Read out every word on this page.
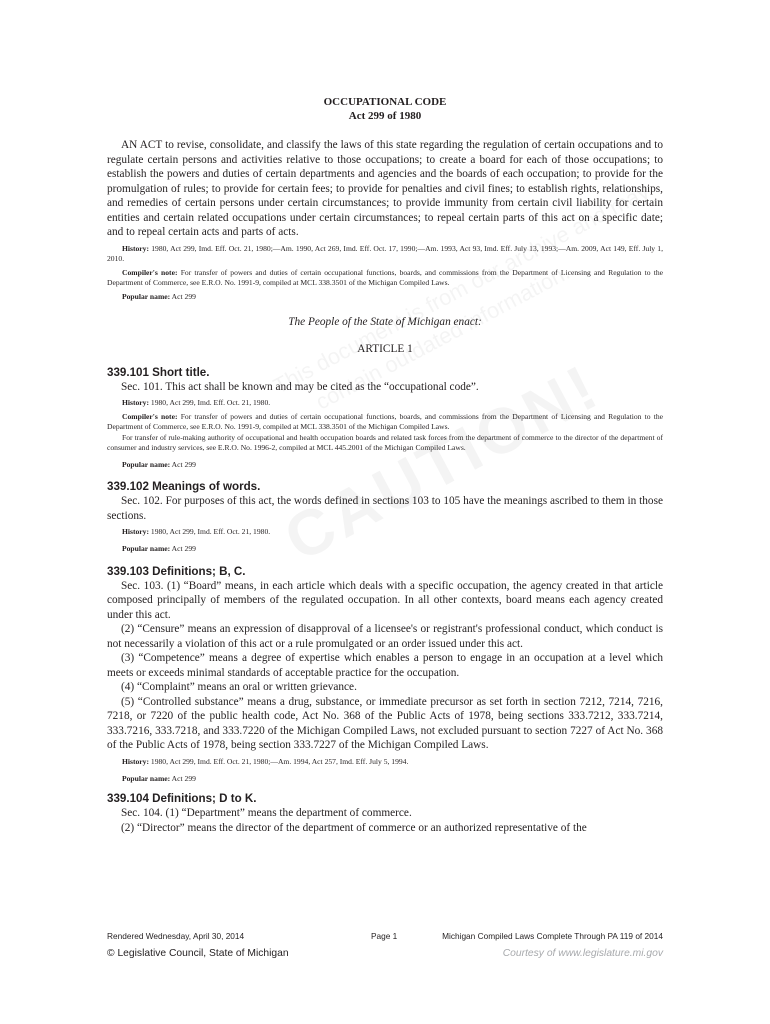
OCCUPATIONAL CODE
Act 299 of 1980

AN ACT to revise, consolidate, and classify the laws of this state regarding the regulation of certain occupations and to regulate certain persons and activities relative to those occupations; to create a board for each of those occupations; to establish the powers and duties of certain departments and agencies and the boards of each occupation; to provide for the promulgation of rules; to provide for certain fees; to provide for penalties and civil fines; to establish rights, relationships, and remedies of certain persons under certain circumstances; to provide immunity from certain civil liability for certain entities and certain related occupations under certain circumstances; to repeal certain parts of this act on a specific date; and to repeal certain acts and parts of acts.

History: 1980, Act 299, Imd. Eff. Oct. 21, 1980;—Am. 1990, Act 269, Imd. Eff. Oct. 17, 1990;—Am. 1993, Act 93, Imd. Eff. July 13, 1993;—Am. 2009, Act 149, Eff. July 1, 2010.

Compiler's note: For transfer of powers and duties of certain occupational functions, boards, and commissions from the Department of Licensing and Regulation to the Department of Commerce, see E.R.O. No. 1991-9, compiled at MCL 338.3501 of the Michigan Compiled Laws.

Popular name: Act 299

The People of the State of Michigan enact:
ARTICLE 1
339.101 Short title.

Sec. 101. This act shall be known and may be cited as the “occupational code”.

History: 1980, Act 299, Imd. Eff. Oct. 21, 1980.

Compiler's note: For transfer of powers and duties of certain occupational functions, boards, and commissions from the Department of Licensing and Regulation to the Department of Commerce, see E.R.O. No. 1991-9, compiled at MCL 338.3501 of the Michigan Compiled Laws.

For transfer of rule-making authority of occupational and health occupation boards and related task forces from the department of commerce to the director of the department of consumer and industry services, see E.R.O. No. 1996-2, compiled at MCL 445.2001 of the Michigan Compiled Laws.

Popular name: Act 299

339.102 Meanings of words.

Sec. 102. For purposes of this act, the words defined in sections 103 to 105 have the meanings ascribed to them in those sections.

History: 1980, Act 299, Imd. Eff. Oct. 21, 1980.

Popular name: Act 299

339.103 Definitions; B, C.

Sec. 103. (1) “Board” means, in each article which deals with a specific occupation, the agency created in that article composed principally of members of the regulated occupation. In all other contexts, board means each agency created under this act.

(2) “Censure” means an expression of disapproval of a licensee's or registrant's professional conduct, which conduct is not necessarily a violation of this act or a rule promulgated or an order issued under this act.

(3) “Competence” means a degree of expertise which enables a person to engage in an occupation at a level which meets or exceeds minimal standards of acceptable practice for the occupation.

(4) “Complaint” means an oral or written grievance.

(5) “Controlled substance” means a drug, substance, or immediate precursor as set forth in section 7212, 7214, 7216, 7218, or 7220 of the public health code, Act No. 368 of the Public Acts of 1978, being sections 333.7212, 333.7214, 333.7216, 333.7218, and 333.7220 of the Michigan Compiled Laws, not excluded pursuant to section 7227 of Act No. 368 of the Public Acts of 1978, being section 333.7227 of the Michigan Compiled Laws.

History: 1980, Act 299, Imd. Eff. Oct. 21, 1980;—Am. 1994, Act 257, Imd. Eff. July 5, 1994.

Popular name: Act 299

339.104 Definitions; D to K.

Sec. 104. (1) “Department” means the department of commerce.

(2) “Director” means the director of the department of commerce or an authorized representative of the

Rendered Wednesday, April 30, 2014	Page 1	Michigan Compiled Laws Complete Through PA 119 of 2014
© Legislative Council, State of Michigan	Courtesy of www.legislature.mi.gov
